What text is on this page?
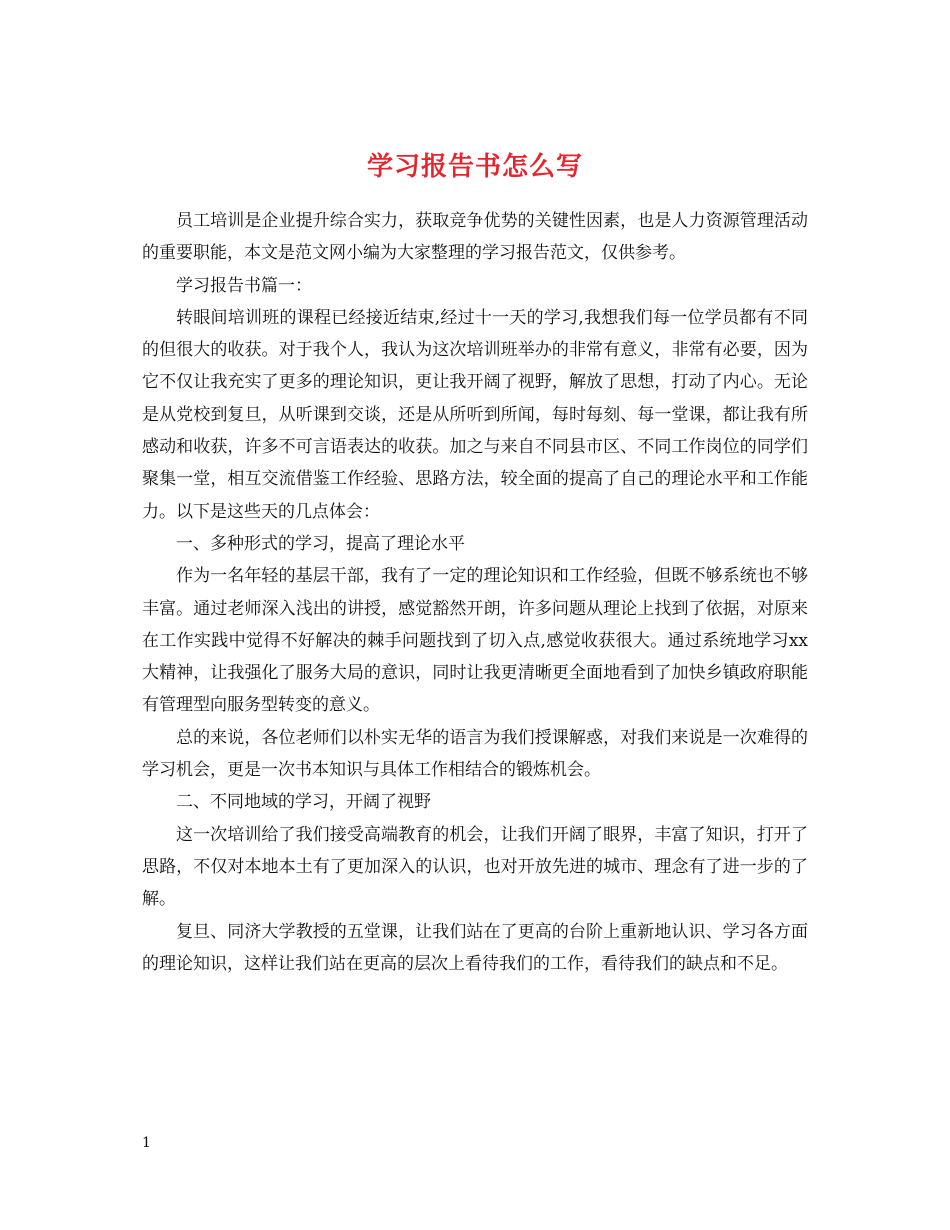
学习报告书怎么写

员工培训是企业提升综合实力，获取竞争优势的关键性因素，也是人力资源管理活动的重要职能，本文是范文网小编为大家整理的学习报告范文，仅供参考。

学习报告书篇一：

转眼间培训班的课程已经接近结束,经过十一天的学习,我想我们每一位学员都有不同的但很大的收获。对于我个人，我认为这次培训班举办的非常有意义，非常有必要，因为它不仅让我充实了更多的理论知识，更让我开阔了视野，解放了思想，打动了内心。无论是从党校到复旦，从听课到交谈，还是从所听到所闻，每时每刻、每一堂课，都让我有所感动和收获，许多不可言语表达的收获。加之与来自不同县市区、不同工作岗位的同学们聚集一堂，相互交流借鉴工作经验、思路方法，较全面的提高了自己的理论水平和工作能力。以下是这些天的几点体会：

一、多种形式的学习，提高了理论水平

作为一名年轻的基层干部，我有了一定的理论知识和工作经验，但既不够系统也不够丰富。通过老师深入浅出的讲授，感觉豁然开朗，许多问题从理论上找到了依据，对原来在工作实践中觉得不好解决的棘手问题找到了切入点,感觉收获很大。通过系统地学习xx大精神，让我强化了服务大局的意识，同时让我更清晰更全面地看到了加快乡镇政府职能有管理型向服务型转变的意义。

总的来说，各位老师们以朴实无华的语言为我们授课解惑，对我们来说是一次难得的学习机会，更是一次书本知识与具体工作相结合的锻炼机会。

二、不同地域的学习，开阔了视野

这一次培训给了我们接受高端教育的机会，让我们开阔了眼界，丰富了知识，打开了思路，不仅对本地本土有了更加深入的认识，也对开放先进的城市、理念有了进一步的了解。

复旦、同济大学教授的五堂课，让我们站在了更高的台阶上重新地认识、学习各方面的理论知识，这样让我们站在更高的层次上看待我们的工作，看待我们的缺点和不足。

1
